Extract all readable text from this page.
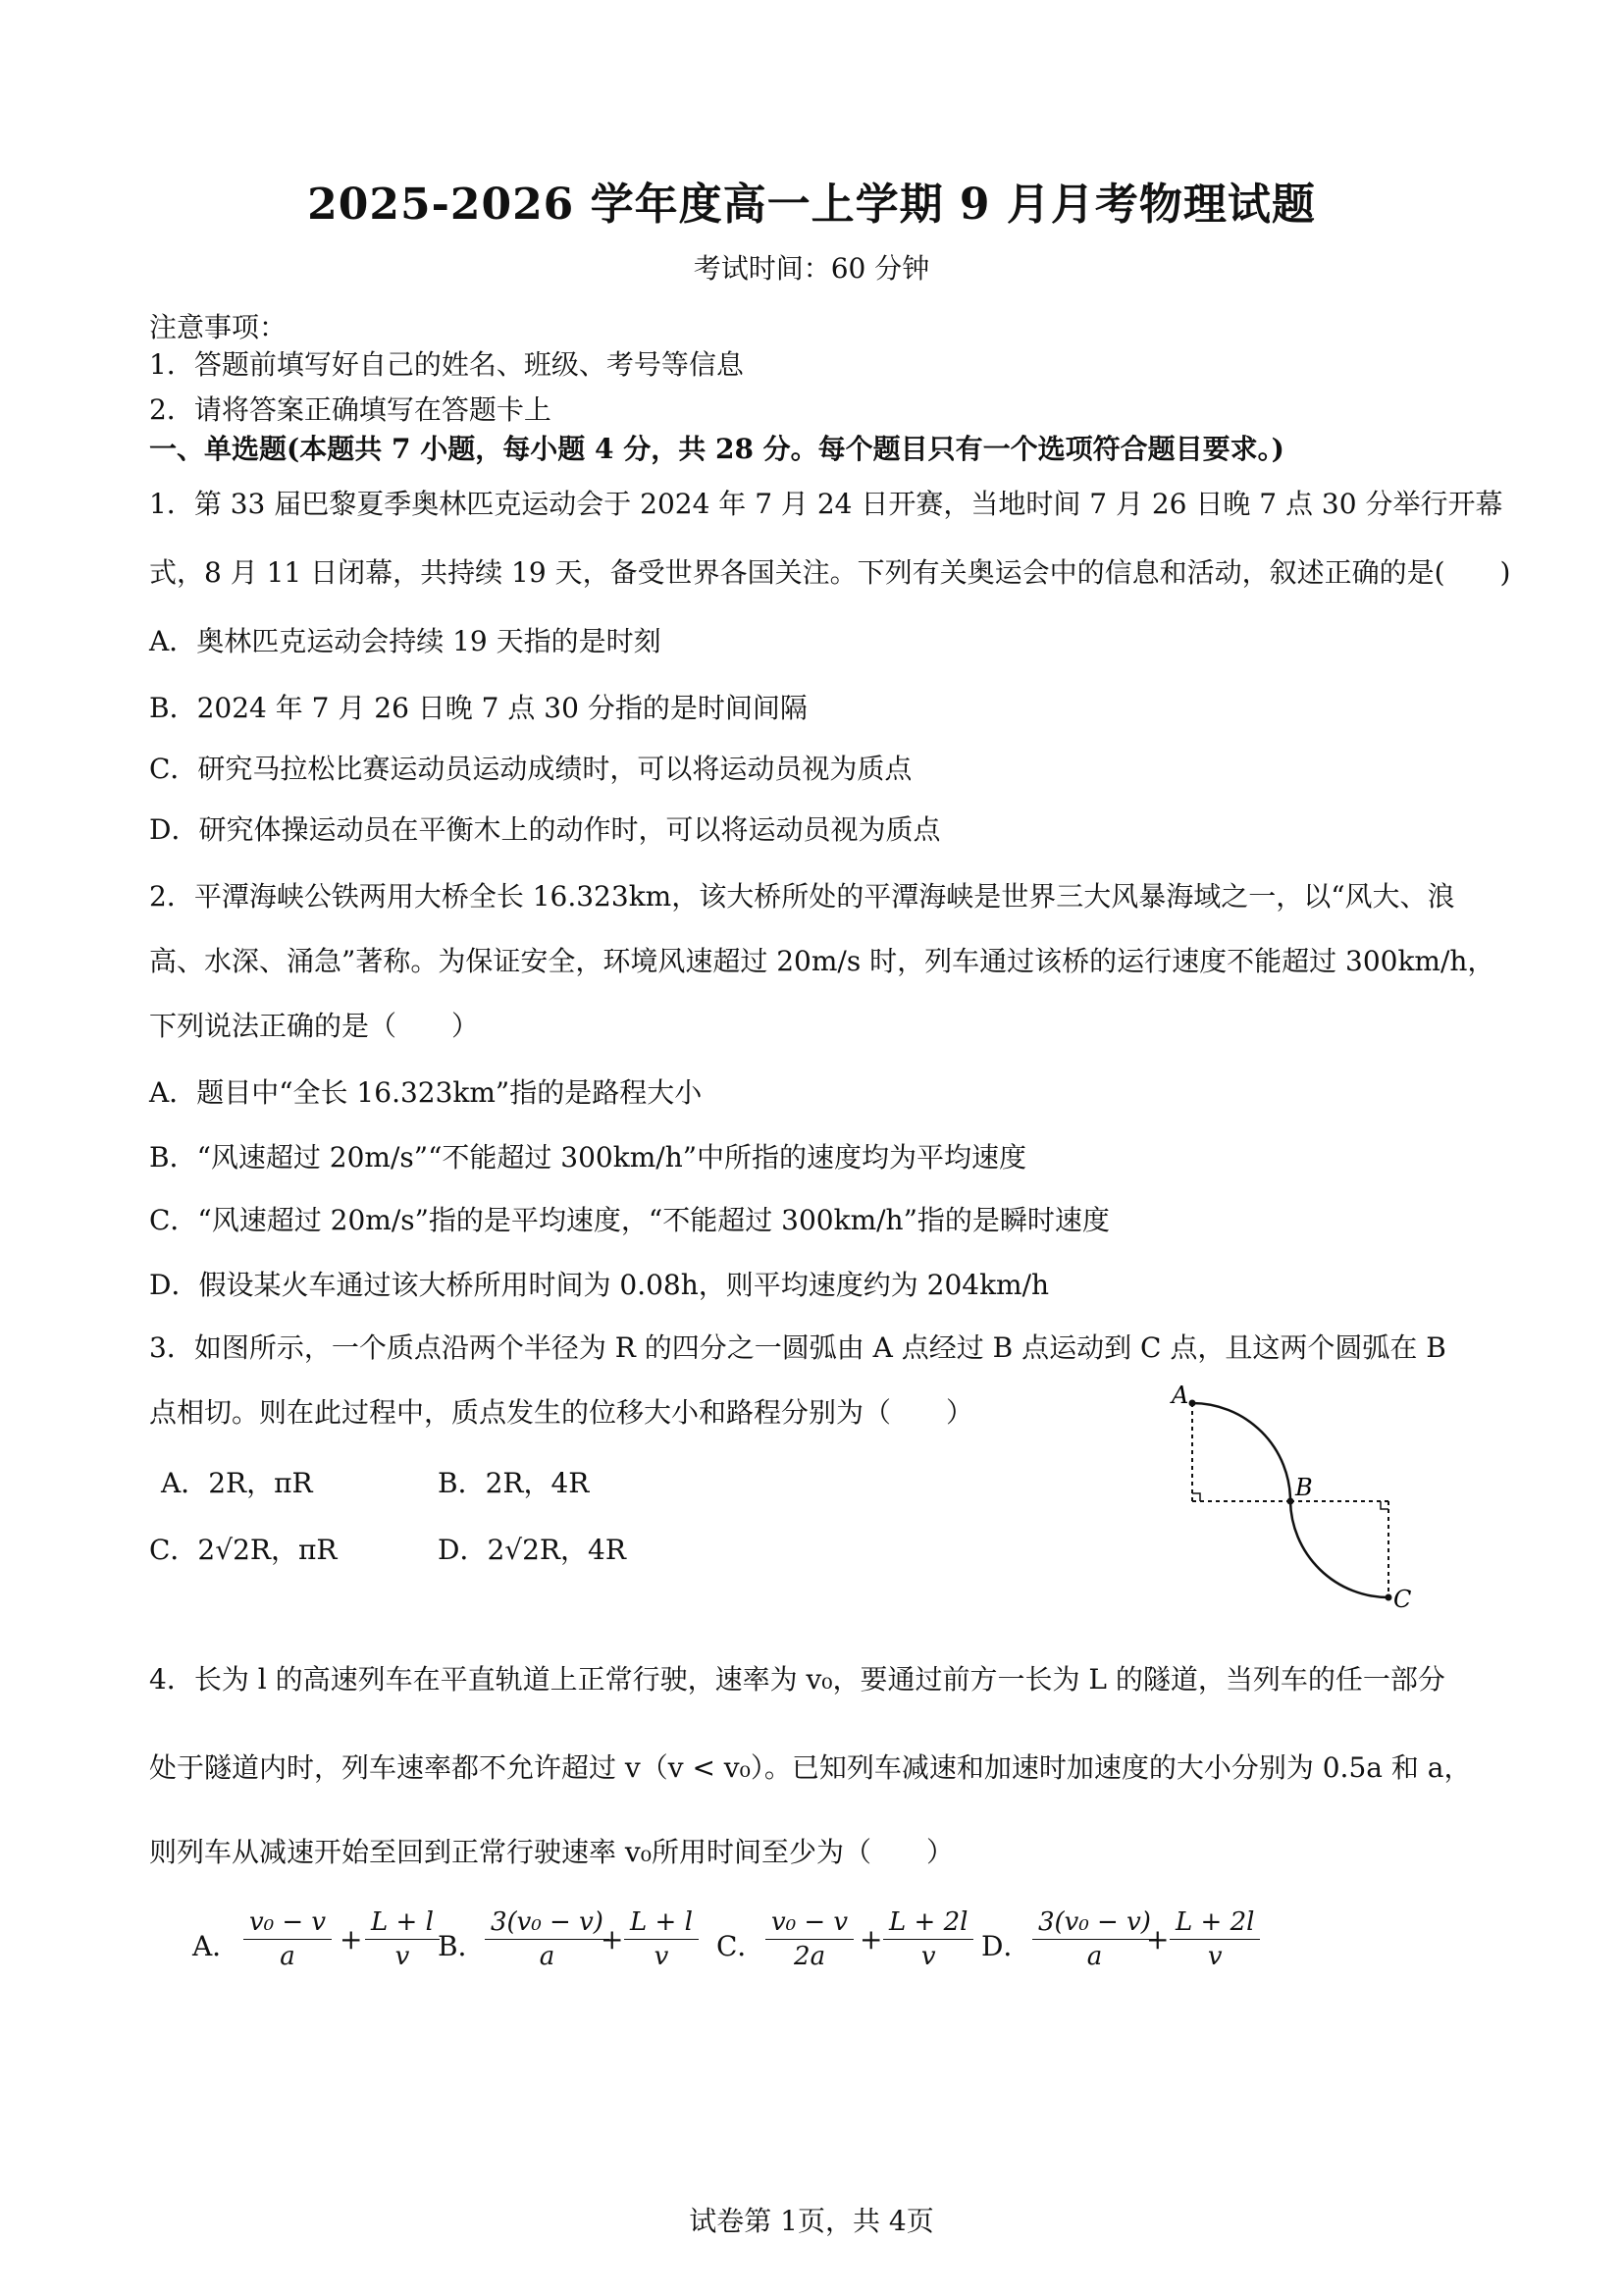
2025-2026 学年度高一上学期 9 月月考物理试题
考试时间：60 分钟
注意事项：
1．答题前填写好自己的姓名、班级、考号等信息
2．请将答案正确填写在答题卡上
一、单选题(本题共 7 小题，每小题 4 分，共 28 分。每个题目只有一个选项符合题目要求。)
1．第 33 届巴黎夏季奥林匹克运动会于 2024 年 7 月 24 日开赛，当地时间 7 月 26 日晚 7 点 30 分举行开幕
式，8 月 11 日闭幕，共持续 19 天，备受世界各国关注。下列有关奥运会中的信息和活动，叙述正确的是(　　)
A．奥林匹克运动会持续 19 天指的是时刻
B．2024 年 7 月 26 日晚 7 点 30 分指的是时间间隔
C．研究马拉松比赛运动员运动成绩时，可以将运动员视为质点
D．研究体操运动员在平衡木上的动作时，可以将运动员视为质点
2．平潭海峡公铁两用大桥全长 16.323km，该大桥所处的平潭海峡是世界三大风暴海域之一，以“风大、浪
高、水深、涌急”著称。为保证安全，环境风速超过 20m/s 时，列车通过该桥的运行速度不能超过 300km/h，
下列说法正确的是（　　）
A．题目中“全长 16.323km”指的是路程大小
B．“风速超过 20m/s”“不能超过 300km/h”中所指的速度均为平均速度
C．“风速超过 20m/s”指的是平均速度，“不能超过 300km/h”指的是瞬时速度
D．假设某火车通过该大桥所用时间为 0.08h，则平均速度约为 204km/h
3．如图所示，一个质点沿两个半径为 R 的四分之一圆弧由 A 点经过 B 点运动到 C 点，且这两个圆弧在 B
点相切。则在此过程中，质点发生的位移大小和路程分别为（　　）
A．2R，πR	B．2R，4R
C．2√2R，πR	D．2√2R，4R
A
B
C
4．长为 l 的高速列车在平直轨道上正常行驶，速率为 v₀，要通过前方一长为 L 的隧道，当列车的任一部分
处于隧道内时，列车速率都不允许超过 v（v < v₀）。已知列车减速和加速时加速度的大小分别为 0.5a 和 a，
则列车从减速开始至回到正常行驶速率 v₀所用时间至少为（　　）
A． $\frac{\text{v₀ − v}}{a} + \frac{L + l}{v}$
B． $\frac{\text{3(v₀ − v)}}{a}$
+ $\frac{L + l}{v}$ C． $\frac{\text{v₀ − v}}{2a} + \frac{L + 2l}{v}$ D． $\frac{\text{3(v₀ − v)}}{a}$
+ $\frac{L + 2l}{v}$
试卷第 1页，共 4页
